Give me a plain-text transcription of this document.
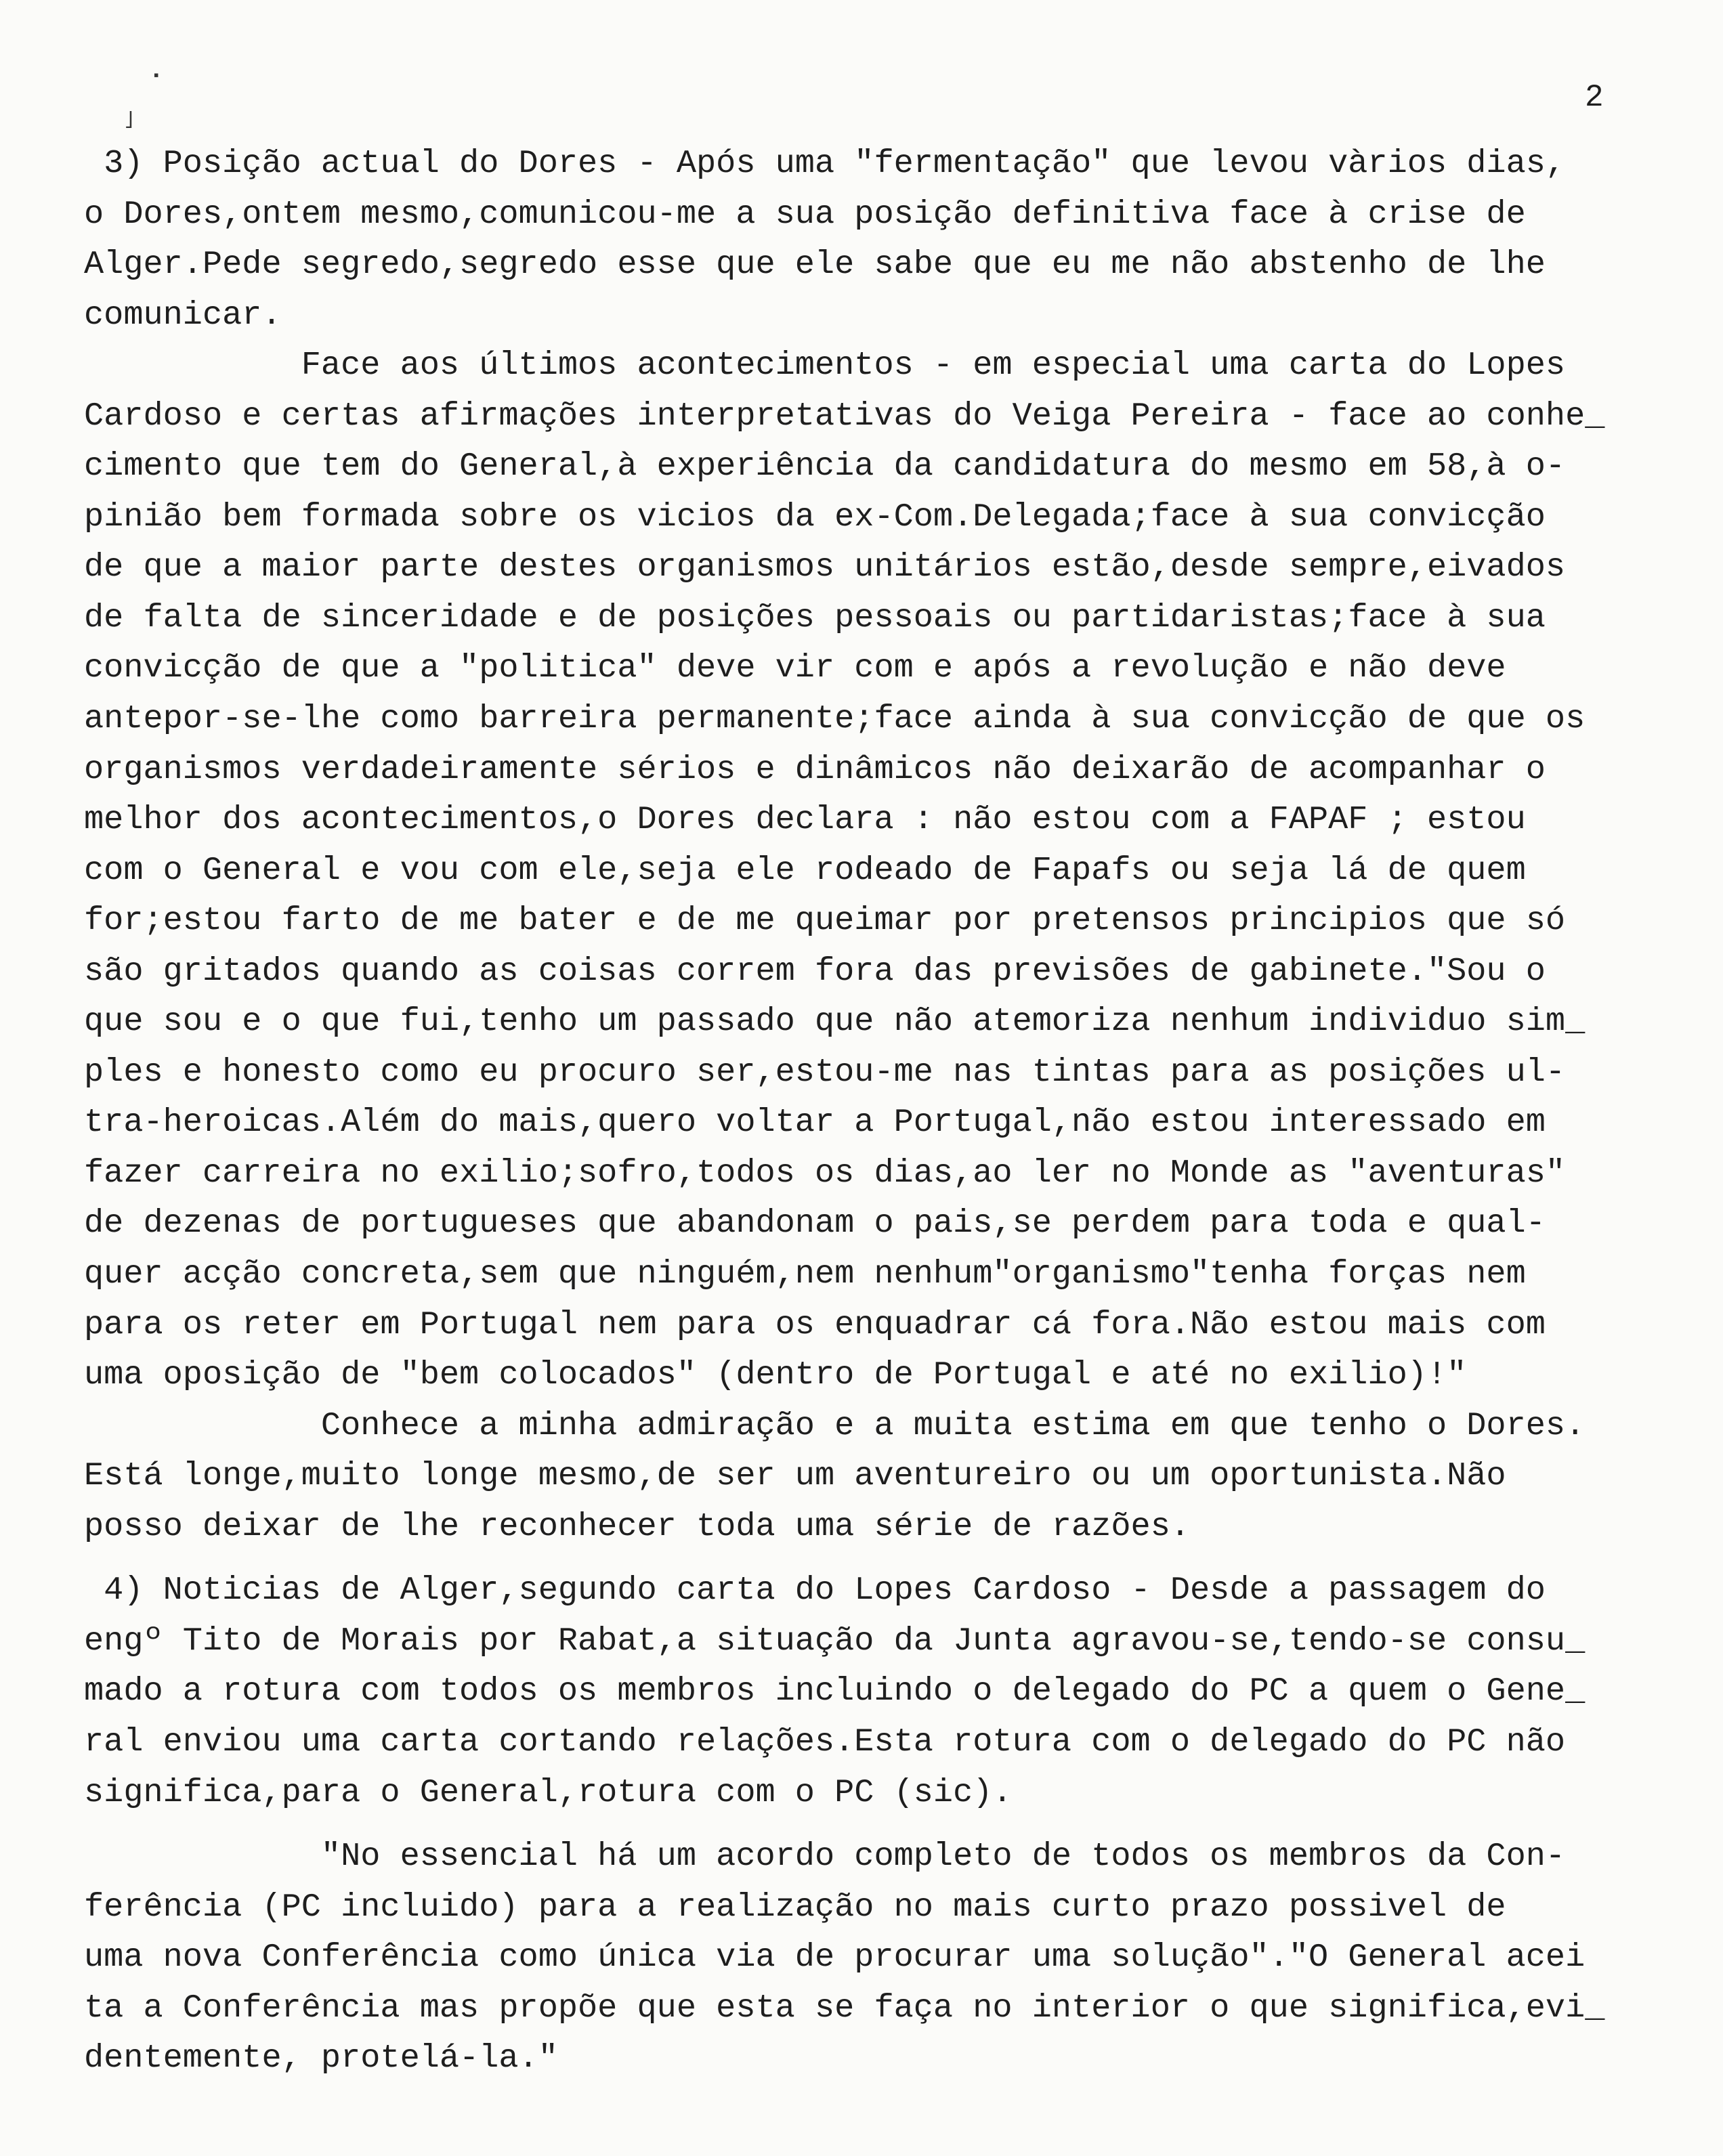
▪
˩
2
3) Posição actual do Dores - Após uma "fermentação" que levou vàrios dias,
o Dores,ontem mesmo,comunicou-me a sua posição definitiva face à crise de
Alger.Pede segredo,segredo esse que ele sabe que eu me não abstenho de lhe
comunicar.
Face aos últimos acontecimentos - em especial uma carta do Lopes
Cardoso e certas afirmações interpretativas do Veiga Pereira - face ao conhe_
cimento que tem do General,à experiência da candidatura do mesmo em 58,à o-
pinião bem formada sobre os vicios da ex-Com.Delegada;face à sua convicção
de que a maior parte destes organismos unitários estão,desde sempre,eivados
de falta de sinceridade e de posições pessoais ou partidaristas;face à sua
convicção de que a "politica" deve vir com e após a revolução e não deve
antepor-se-lhe como barreira permanente;face ainda à sua convicção de que os
organismos verdadeiramente sérios e dinâmicos não deixarão de acompanhar o
melhor dos acontecimentos,o Dores declara : não estou com a FAPAF ; estou
com o General e vou com ele,seja ele rodeado de Fapafs ou seja lá de quem
for;estou farto de me bater e de me queimar por pretensos principios que só
são gritados quando as coisas correm fora das previsões de gabinete."Sou o
que sou e o que fui,tenho um passado que não atemoriza nenhum individuo sim_
ples e honesto como eu procuro ser,estou-me nas tintas para as posições ul-
tra-heroicas.Além do mais,quero voltar a Portugal,não estou interessado em
fazer carreira no exilio;sofro,todos os dias,ao ler no Monde as "aventuras"
de dezenas de portugueses que abandonam o pais,se perdem para toda e qual-
quer acção concreta,sem que ninguém,nem nenhum"organismo"tenha forças nem
para os reter em Portugal nem para os enquadrar cá fora.Não estou mais com
uma oposição de "bem colocados" (dentro de Portugal e até no exilio)!"
Conhece a minha admiração e a muita estima em que tenho o Dores.
Está longe,muito longe mesmo,de ser um aventureiro ou um oportunista.Não
posso deixar de lhe reconhecer toda uma série de razões.
4) Noticias de Alger,segundo carta do Lopes Cardoso - Desde a passagem do
engº Tito de Morais por Rabat,a situação da Junta agravou-se,tendo-se consu_
mado a rotura com todos os membros incluindo o delegado do PC a quem o Gene_
ral enviou uma carta cortando relações.Esta rotura com o delegado do PC não
significa,para o General,rotura com o PC (sic).
"No essencial há um acordo completo de todos os membros da Con-
ferência (PC incluido) para a realização no mais curto prazo possivel de
uma nova Conferência como única via de procurar uma solução"."O General acei
ta a Conferência mas propõe que esta se faça no interior o que significa,evi_
dentemente, protelá-la."
